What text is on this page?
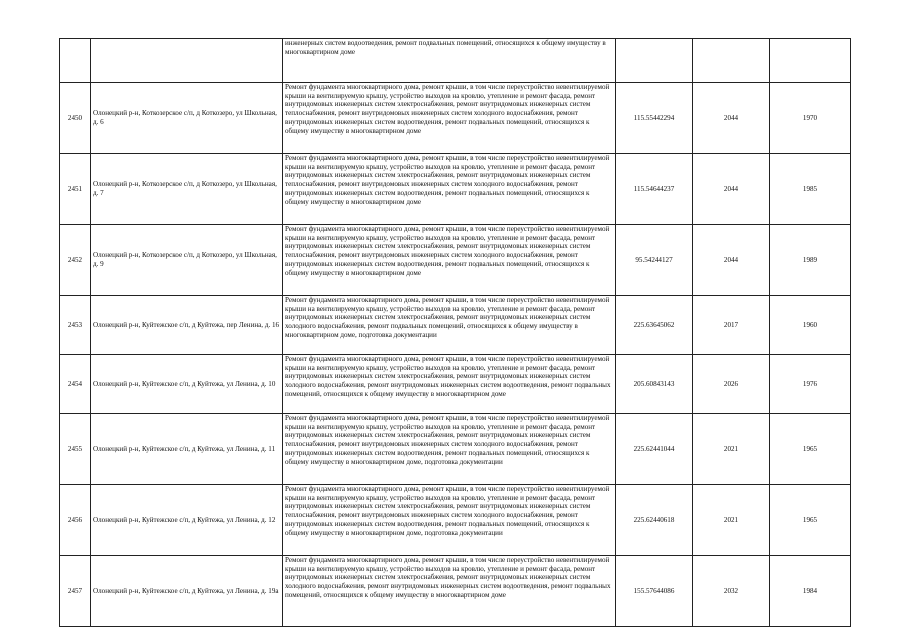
		инженерных систем водоотведения, ремонт подвальных помещений, относящихся к общему имуществу в многоквартирном доме			
2450	Олонецкий р-н, Коткозерское с/п, д Коткозеро, ул Школьная, д. 6	Ремонт фундамента многоквартирного дома, ремонт крыши, в том числе переустройство невентилируемой крыши на вентилируемую крышу, устройство выходов на кровлю, утепление и ремонт фасада, ремонт внутридомовых инженерных систем электроснабжения, ремонт внутридомовых инженерных систем теплоснабжения, ремонт внутридомовых инженерных систем холодного водоснабжения, ремонт внутридомовых инженерных систем водоотведения, ремонт подвальных помещений, относящихся к общему имуществу в многоквартирном доме	115.55442294	2044	1970
2451	Олонецкий р-н, Коткозерское с/п, д Коткозеро, ул Школьная, д. 7	Ремонт фундамента многоквартирного дома, ремонт крыши, в том числе переустройство невентилируемой крыши на вентилируемую крышу, устройство выходов на кровлю, утепление и ремонт фасада, ремонт внутридомовых инженерных систем электроснабжения, ремонт внутридомовых инженерных систем теплоснабжения, ремонт внутридомовых инженерных систем холодного водоснабжения, ремонт внутридомовых инженерных систем водоотведения, ремонт подвальных помещений, относящихся к общему имуществу в многоквартирном доме	115.54644237	2044	1985
2452	Олонецкий р-н, Коткозерское с/п, д Коткозеро, ул Школьная, д. 9	Ремонт фундамента многоквартирного дома, ремонт крыши, в том числе переустройство невентилируемой крыши на вентилируемую крышу, устройство выходов на кровлю, утепление и ремонт фасада, ремонт внутридомовых инженерных систем электроснабжения, ремонт внутридомовых инженерных систем теплоснабжения, ремонт внутридомовых инженерных систем холодного водоснабжения, ремонт внутридомовых инженерных систем водоотведения, ремонт подвальных помещений, относящихся к общему имуществу в многоквартирном доме	95.54244127	2044	1989
2453	Олонецкий р-н, Куйтежское с/п, д Куйтежа, пер Ленина, д. 16	Ремонт фундамента многоквартирного дома, ремонт крыши, в том числе переустройство невентилируемой крыши на вентилируемую крышу, устройство выходов на кровлю, утепление и ремонт фасада, ремонт внутридомовых инженерных систем электроснабжения, ремонт внутридомовых инженерных систем холодного водоснабжения, ремонт подвальных помещений, относящихся к общему имуществу в многоквартирном доме, подготовка документации	225.63645062	2017	1960
2454	Олонецкий р-н, Куйтежское с/п, д Куйтежа, ул Ленина, д. 10	Ремонт фундамента многоквартирного дома, ремонт крыши, в том числе переустройство невентилируемой крыши на вентилируемую крышу, устройство выходов на кровлю, утепление и ремонт фасада, ремонт внутридомовых инженерных систем электроснабжения, ремонт внутридомовых инженерных систем холодного водоснабжения, ремонт внутридомовых инженерных систем водоотведения, ремонт подвальных помещений, относящихся к общему имуществу в многоквартирном доме	205.60843143	2026	1976
2455	Олонецкий р-н, Куйтежское с/п, д Куйтежа, ул Ленина, д. 11	Ремонт фундамента многоквартирного дома, ремонт крыши, в том числе переустройство невентилируемой крыши на вентилируемую крышу, устройство выходов на кровлю, утепление и ремонт фасада, ремонт внутридомовых инженерных систем электроснабжения, ремонт внутридомовых инженерных систем теплоснабжения, ремонт внутридомовых инженерных систем холодного водоснабжения, ремонт внутридомовых инженерных систем водоотведения, ремонт подвальных помещений, относящихся к общему имуществу в многоквартирном доме, подготовка документации	225.62441044	2021	1965
2456	Олонецкий р-н, Куйтежское с/п, д Куйтежа, ул Ленина, д. 12	Ремонт фундамента многоквартирного дома, ремонт крыши, в том числе переустройство невентилируемой крыши на вентилируемую крышу, устройство выходов на кровлю, утепление и ремонт фасада, ремонт внутридомовых инженерных систем электроснабжения, ремонт внутридомовых инженерных систем теплоснабжения, ремонт внутридомовых инженерных систем холодного водоснабжения, ремонт внутридомовых инженерных систем водоотведения, ремонт подвальных помещений, относящихся к общему имуществу в многоквартирном доме, подготовка документации	225.62440618	2021	1965
2457	Олонецкий р-н, Куйтежское с/п, д Куйтежа, ул Ленина, д. 19а	Ремонт фундамента многоквартирного дома, ремонт крыши, в том числе переустройство невентилируемой крыши на вентилируемую крышу, устройство выходов на кровлю, утепление и ремонт фасада, ремонт внутридомовых инженерных систем электроснабжения, ремонт внутридомовых инженерных систем холодного водоснабжения, ремонт внутридомовых инженерных систем водоотведения, ремонт подвальных помещений, относящихся к общему имуществу в многоквартирном доме	155.57644086	2032	1984
